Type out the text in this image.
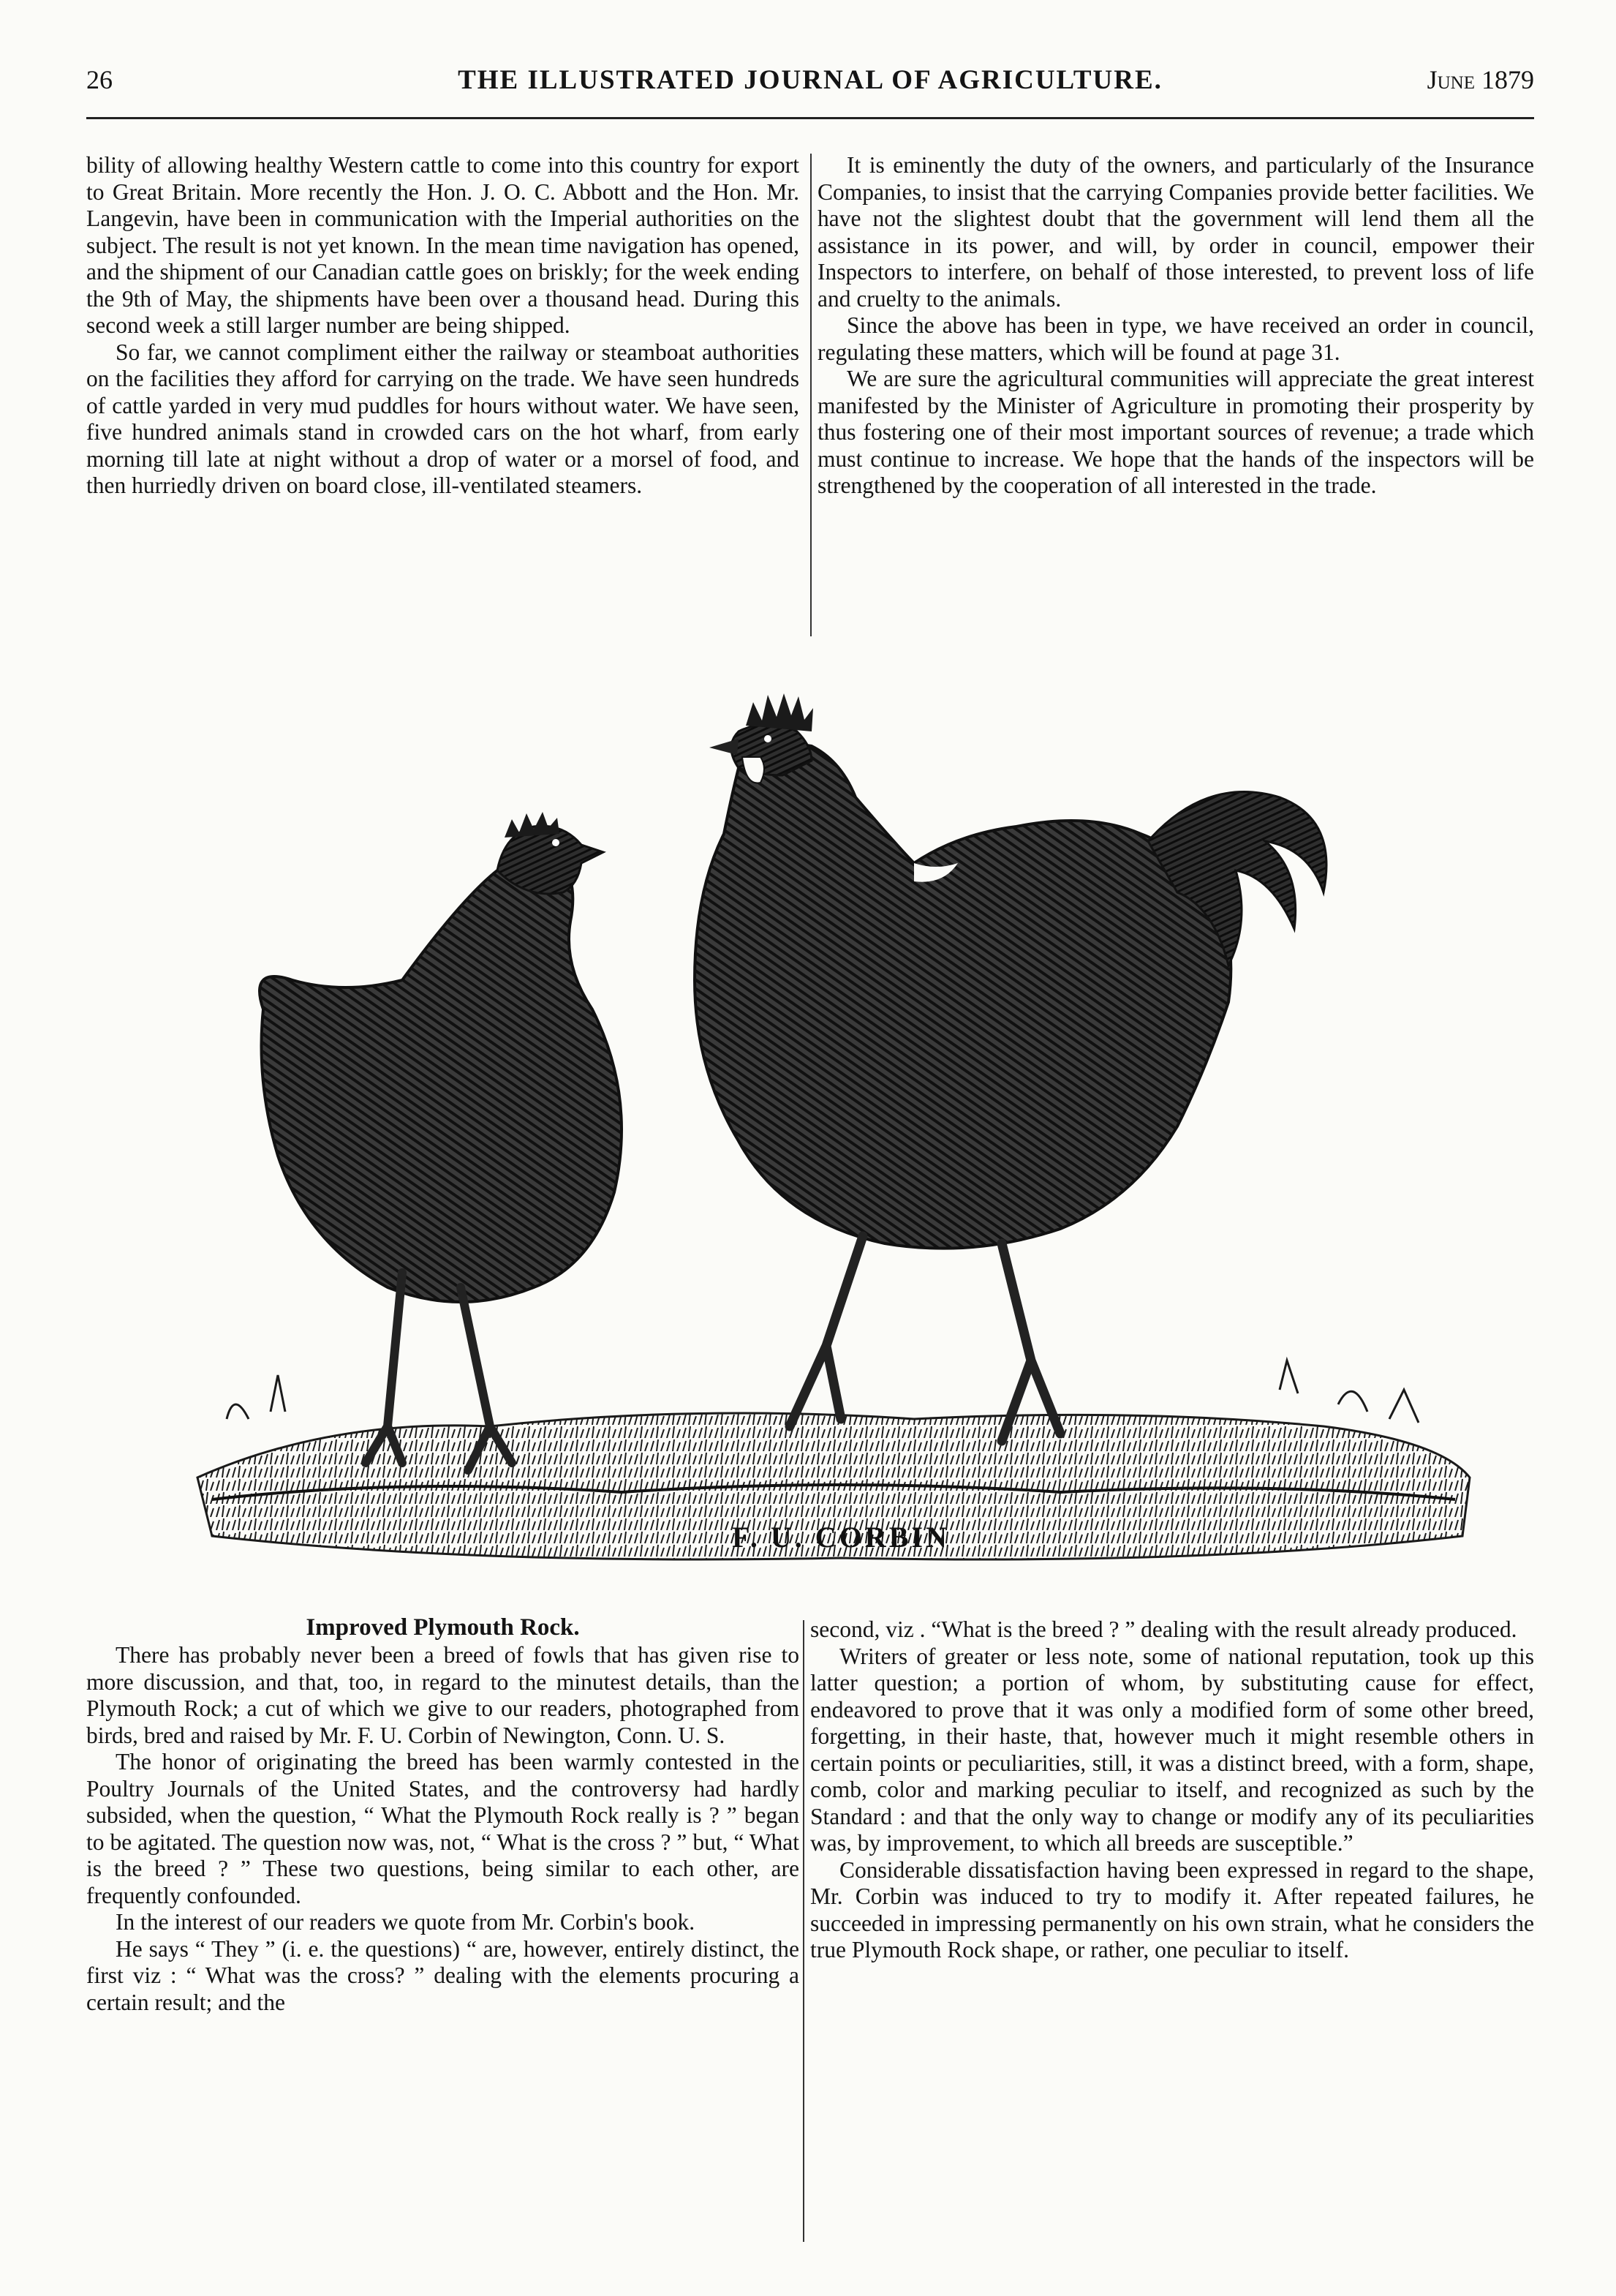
26	THE ILLUSTRATED JOURNAL OF AGRICULTURE.	June 1879

bility of allowing healthy Western cattle to come into this country for export to Great Britain. More recently the Hon. J. O. C. Abbott and the Hon. Mr. Langevin, have been in communication with the Imperial authorities on the subject. The result is not yet known. In the mean time navigation has opened, and the shipment of our Canadian cattle goes on briskly; for the week ending the 9th of May, the shipments have been over a thousand head. During this second week a still larger number are being shipped.

So far, we cannot compliment either the railway or steamboat authorities on the facilities they afford for carrying on the trade. We have seen hundreds of cattle yarded in very mud puddles for hours without water. We have seen, five hundred animals stand in crowded cars on the hot wharf, from early morning till late at night without a drop of water or a morsel of food, and then hurriedly driven on board close, ill-ventilated steamers.

It is eminently the duty of the owners, and particularly of the Insurance Companies, to insist that the carrying Companies provide better facilities. We have not the slightest doubt that the government will lend them all the assistance in its power, and will, by order in council, empower their Inspectors to interfere, on behalf of those interested, to prevent loss of life and cruelty to the animals.

Since the above has been in type, we have received an order in council, regulating these matters, which will be found at page 31.

We are sure the agricultural communities will appreciate the great interest manifested by the Minister of Agriculture in promoting their prosperity by thus fostering one of their most important sources of revenue; a trade which must continue to increase. We hope that the hands of the inspectors will be strengthened by the cooperation of all interested in the trade.

F. U. CORBIN

Improved Plymouth Rock.

There has probably never been a breed of fowls that has given rise to more discussion, and that, too, in regard to the minutest details, than the Plymouth Rock; a cut of which we give to our readers, photographed from birds, bred and raised by Mr. F. U. Corbin of Newington, Conn. U. S.

The honor of originating the breed has been warmly contested in the Poultry Journals of the United States, and the controversy had hardly subsided, when the question, “ What the Plymouth Rock really is ? ” began to be agitated. The question now was, not, “ What is the cross ? ” but, “ What is the breed ? ” These two questions, being similar to each other, are frequently confounded.

In the interest of our readers we quote from Mr. Corbin's book.

He says “ They ” (i. e. the questions) “ are, however, entirely distinct, the first viz : “ What was the cross? ” dealing with the elements procuring a certain result; and the

second, viz . “What is the breed ? ” dealing with the result already produced.

Writers of greater or less note, some of national reputation, took up this latter question; a portion of whom, by substituting cause for effect, endeavored to prove that it was only a modified form of some other breed, forgetting, in their haste, that, however much it might resemble others in certain points or peculiarities, still, it was a distinct breed, with a form, shape, comb, color and marking peculiar to itself, and recognized as such by the Standard : and that the only way to change or modify any of its peculiarities was, by improvement, to which all breeds are susceptible.”

Considerable dissatisfaction having been expressed in regard to the shape, Mr. Corbin was induced to try to modify it. After repeated failures, he succeeded in impressing permanently on his own strain, what he considers the true Plymouth Rock shape, or rather, one peculiar to itself.
